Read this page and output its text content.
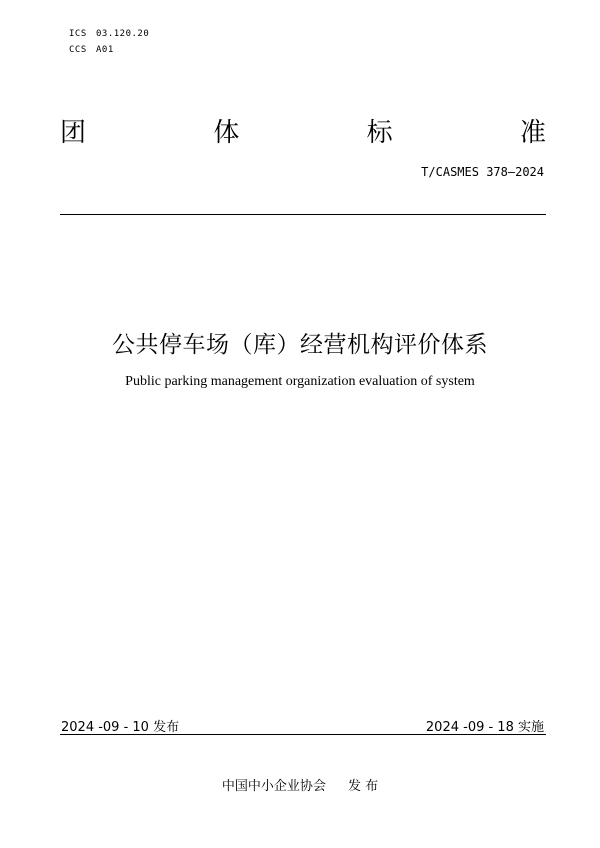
ICS 03.120.20
CCS A01
团	体	标	准
T/CASMES 378—2024
公共停车场（库）经营机构评价体系
Public parking management organization evaluation of system
2024 -09 - 10 发布	2024 -09 - 18 实施
中国中小企业协会 发 布
